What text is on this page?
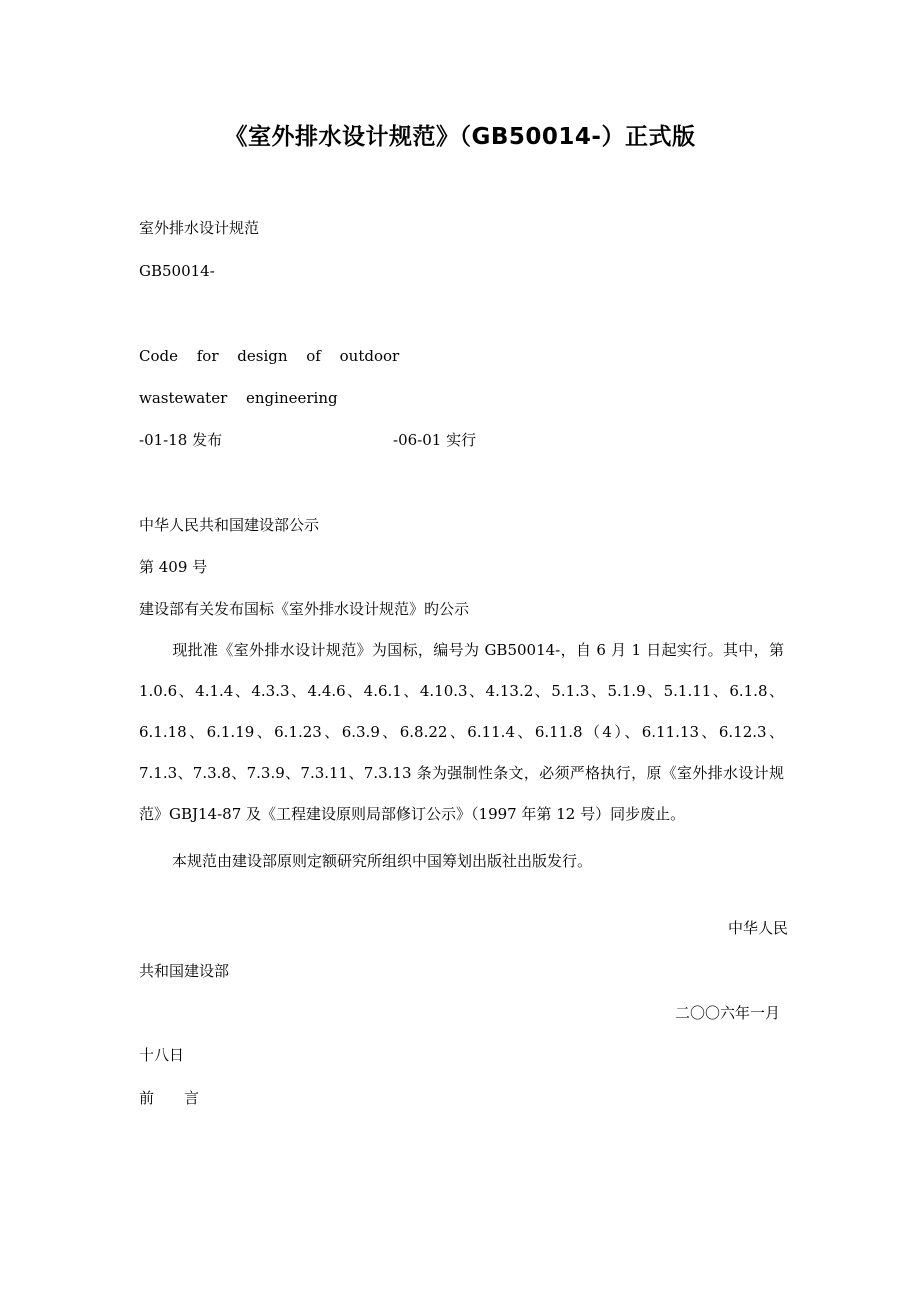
《室外排水设计规范》（GB50014-）正式版
室外排水设计规范
GB50014-
Code for design of outdoor
wastewater engineering
-01-18 发布	-06-01 实行
中华人民共和国建设部公示
第 409 号
建设部有关发布国标《室外排水设计规范》旳公示
现批准《室外排水设计规范》为国标，编号为 GB50014-，自 6 月 1 日起实行。其中，第 1.0.6、4.1.4、4.3.3、4.4.6、4.6.1、4.10.3、4.13.2、5.1.3、5.1.9、5.1.11、6.1.8、6.1.18、6.1.19、6.1.23、6.3.9、6.8.22、6.11.4、6.11.8（4）、6.11.13、6.12.3、7.1.3、7.3.8、7.3.9、7.3.11、7.3.13 条为强制性条文，必须严格执行，原《室外排水设计规范》GBJ14-87 及《工程建设原则局部修订公示》（1997 年第 12 号）同步废止。
本规范由建设部原则定额研究所组织中国筹划出版社出版发行。
中华人民
共和国建设部
二〇〇六年一月
十八日
前　　言
